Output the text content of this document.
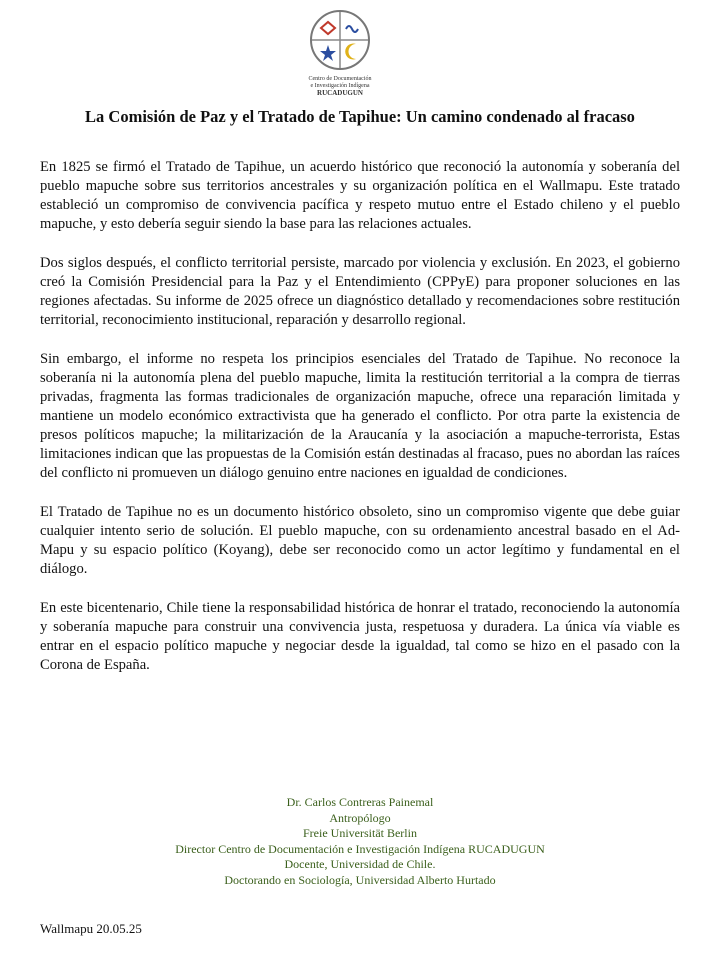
Centro de Documentación
e Investigación Indígena
RUCADUGUN
La Comisión de Paz y el Tratado de Tapihue: Un camino condenado al fracaso

En 1825 se firmó el Tratado de Tapihue, un acuerdo histórico que reconoció la autonomía y soberanía del pueblo mapuche sobre sus territorios ancestrales y su organización política en el Wallmapu. Este tratado estableció un compromiso de convivencia pacífica y respeto mutuo entre el Estado chileno y el pueblo mapuche, y esto debería seguir siendo la base para las relaciones actuales.

Dos siglos después, el conflicto territorial persiste, marcado por violencia y exclusión. En 2023, el gobierno creó la Comisión Presidencial para la Paz y el Entendimiento (CPPyE) para proponer soluciones en las regiones afectadas. Su informe de 2025 ofrece un diagnóstico detallado y recomendaciones sobre restitución territorial, reconocimiento institucional, reparación y desarrollo regional.

Sin embargo, el informe no respeta los principios esenciales del Tratado de Tapihue. No reconoce la soberanía ni la autonomía plena del pueblo mapuche, limita la restitución territorial a la compra de tierras privadas, fragmenta las formas tradicionales de organización mapuche, ofrece una reparación limitada y mantiene un modelo económico extractivista que ha generado el conflicto. Por otra parte la existencia de presos políticos mapuche; la militarización de la Araucanía y la asociación a mapuche-terrorista, Estas limitaciones indican que las propuestas de la Comisión están destinadas al fracaso, pues no abordan las raíces del conflicto ni promueven un diálogo genuino entre naciones en igualdad de condiciones.

El Tratado de Tapihue no es un documento histórico obsoleto, sino un compromiso vigente que debe guiar cualquier intento serio de solución. El pueblo mapuche, con su ordenamiento ancestral basado en el Ad-Mapu y su espacio político (Koyang), debe ser reconocido como un actor legítimo y fundamental en el diálogo.

En este bicentenario, Chile tiene la responsabilidad histórica de honrar el tratado, reconociendo la autonomía y soberanía mapuche para construir una convivencia justa, respetuosa y duradera. La única vía viable es entrar en el espacio político mapuche y negociar desde la igualdad, tal como se hizo en el pasado con la Corona de España.

Dr. Carlos Contreras Painemal
Antropólogo
Freie Universität Berlin
Director Centro de Documentación e Investigación Indígena RUCADUGUN
Docente, Universidad de Chile.
Doctorando en Sociología, Universidad Alberto Hurtado
Wallmapu 20.05.25
